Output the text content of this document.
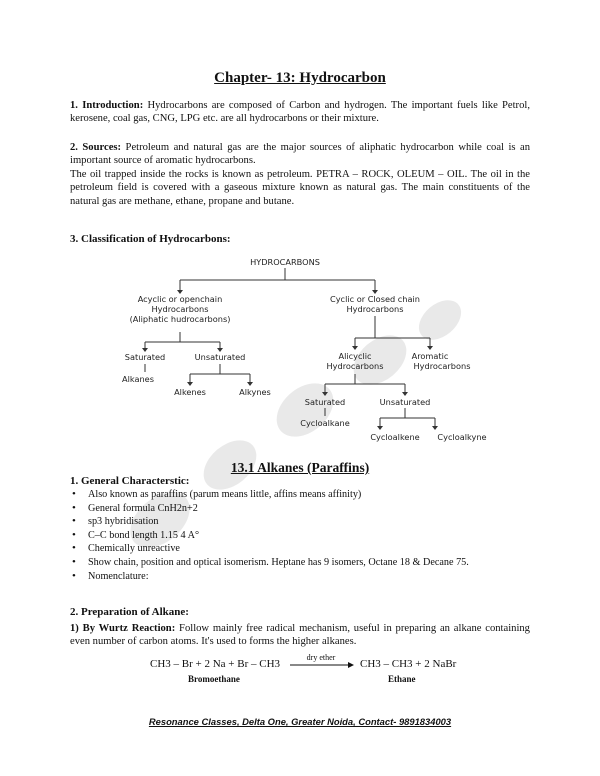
Chapter- 13: Hydrocarbon
1. Introduction: Hydrocarbons are composed of Carbon and hydrogen. The important fuels like Petrol, kerosene, coal gas, CNG, LPG etc. are all hydrocarbons or their mixture.
2. Sources: Petroleum and natural gas are the major sources of aliphatic hydrocarbon while coal is an important source of aromatic hydrocarbons.
The oil trapped inside the rocks is known as petroleum. PETRA – ROCK, OLEUM – OIL. The oil in the petroleum field is covered with a gaseous mixture known as natural gas. The main constituents of the natural gas are methane, ethane, propane and butane.
3. Classification of Hydrocarbons:
HYDROCARBONS
Acyclic or openchain
Hydrocarbons
(Aliphatic hudrocarbons)
Cyclic or Closed chain
Hydrocarbons
Saturated	Unsaturated
Alkanes
Alkenes	Alkynes
Alicyclic
Hydrocarbons
Aromatic
Hydrocarbons
Saturated	Unsaturated
Cycloalkane
Cycloalkene Cycloalkyne
13.1 Alkanes (Paraffins)
1. General Characterstic:
• Also known as paraffins (parum means little, affins means affinity)
• General formula CnH2n+2
• sp3 hybridisation
• C–C bond length 1.15 4 A°
• Chemically unreactive
• Show chain, position and optical isomerism. Heptane has 9 isomers, Octane 18 & Decane 75.
• Nomenclature:
2. Preparation of Alkane:
1) By Wurtz Reaction: Follow mainly free radical mechanism, useful in preparing an alkane containing even number of carbon atoms. It's used to forms the higher alkanes.
CH3 – Br + 2 Na + Br – CH3
dry ether
CH3 – CH3 + 2 NaBr
Bromoethane	Ethane
Resonance Classes, Delta One, Greater Noida, Contact- 9891834003
